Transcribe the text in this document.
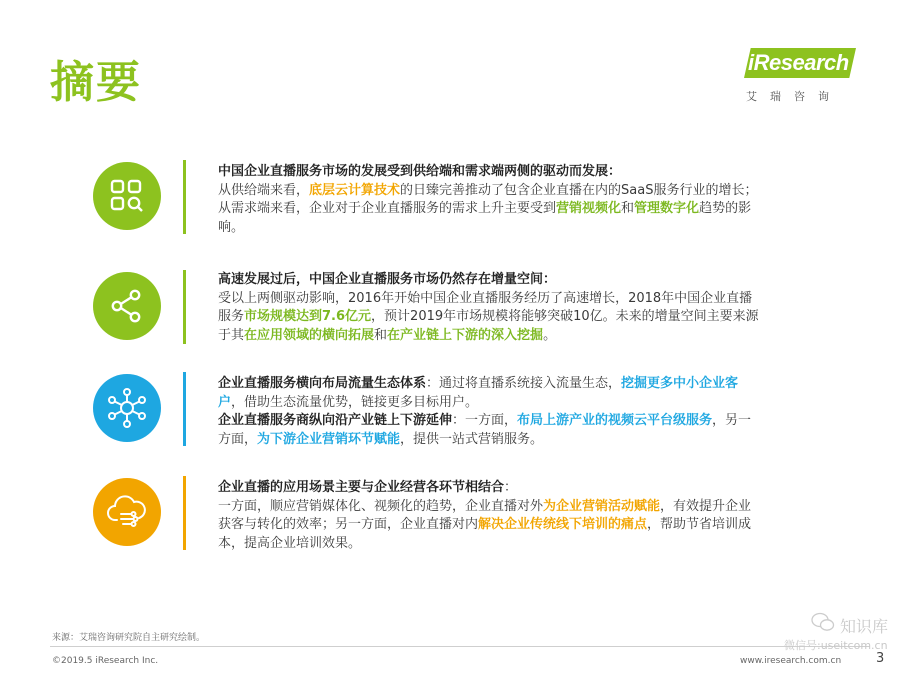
摘要	iResearch
艾瑞咨询
中国企业直播服务市场的发展受到供给端和需求端两侧的驱动而发展：
从供给端来看，底层云计算技术的日臻完善推动了包含企业直播在内的SaaS服务行业的增长；从需求端来看，企业对于企业直播服务的需求上升主要受到营销视频化和管理数字化趋势的影响。
高速发展过后，中国企业直播服务市场仍然存在增量空间：
受以上两侧驱动影响，2016年开始中国企业直播服务经历了高速增长，2018年中国企业直播服务市场规模达到7.6亿元，预计2019年市场规模将能够突破10亿。未来的增量空间主要来源于其在应用领域的横向拓展和在产业链上下游的深入挖掘。
企业直播服务横向布局流量生态体系：通过将直播系统接入流量生态，挖掘更多中小企业客户，借助生态流量优势，链接更多目标用户。
企业直播服务商纵向沿产业链上下游延伸：一方面，布局上游产业的视频云平台级服务，另一方面，为下游企业营销环节赋能，提供一站式营销服务。
企业直播的应用场景主要与企业经营各环节相结合：
一方面，顺应营销媒体化、视频化的趋势，企业直播对外为企业营销活动赋能，有效提升企业获客与转化的效率；另一方面，企业直播对内解决企业传统线下培训的痛点，帮助节省培训成本，提高企业培训效果。
来源：艾瑞咨询研究院自主研究绘制。
©2019.5 iResearch Inc.	www.iresearch.com.cn
知识库
微信号:useitcom.cn
3
